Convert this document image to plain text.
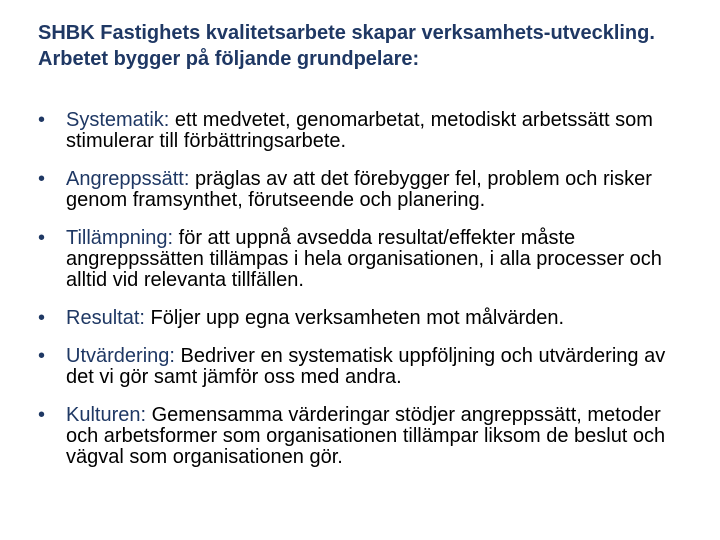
SHBK Fastighets kvalitetsarbete skapar verksamhets-utveckling. Arbetet bygger på följande grundpelare:
•	Systematik: ett medvetet, genomarbetat, metodiskt arbetssätt som stimulerar till förbättringsarbete.
•	Angreppssätt: präglas av att det förebygger fel, problem och risker genom framsynthet, förutseende och planering.
•	Tillämpning: för att uppnå avsedda resultat/effekter måste angreppssätten tillämpas i hela organisationen, i alla processer och alltid vid relevanta tillfällen.
•	Resultat: Följer upp egna verksamheten mot målvärden.
•	Utvärdering: Bedriver en systematisk uppföljning och utvärdering av det vi gör samt jämför oss med andra.
•	Kulturen: Gemensamma värderingar stödjer angreppssätt, metoder och arbetsformer som organisationen tillämpar liksom de beslut och vägval som organisationen gör.
